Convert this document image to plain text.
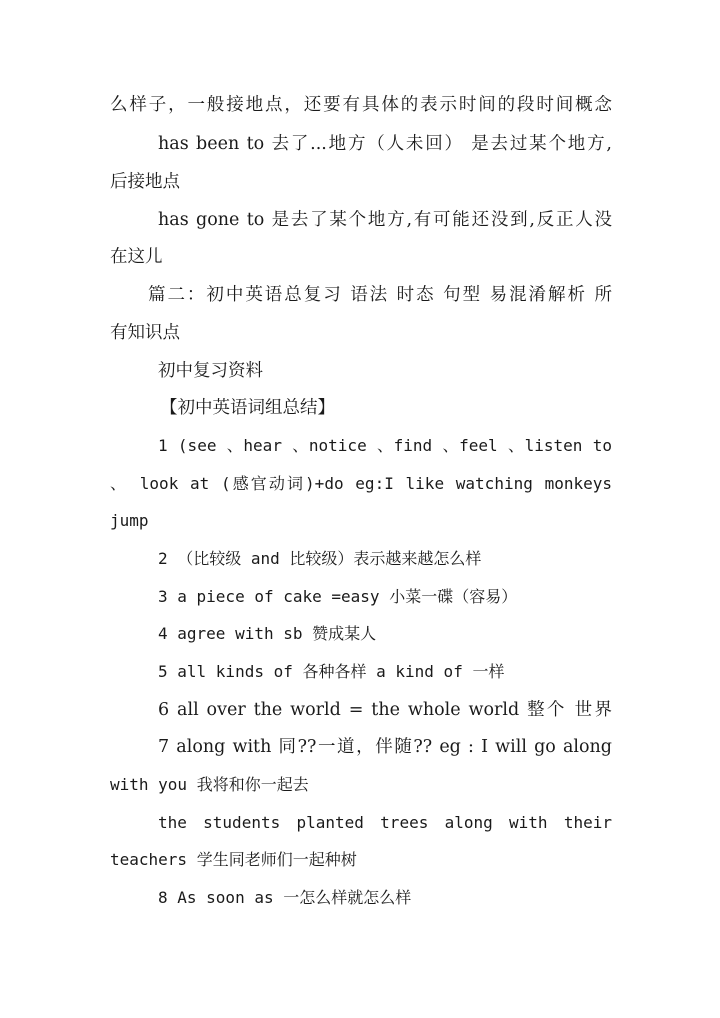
么样子，一般接地点，还要有具体的表示时间的段时间概念
has been to 去了...地方（人未回） 是去过某个地方,
后接地点
has gone to 是去了某个地方,有可能还没到,反正人没
在这儿
篇二：初中英语总复习 语法 时态 句型 易混淆解析 所
有知识点
初中复习资料
【初中英语词组总结】
1 (see 、hear 、notice 、find 、feel 、listen to
、 look at (感官动词)+do eg:I like watching monkeys
jump
2 （比较级 and 比较级）表示越来越怎么样
3 a piece of cake =easy 小菜一碟（容易）
4 agree with sb 赞成某人
5 all kinds of 各种各样 a kind of 一样
6 all over the world = the whole world 整个 世界
7 along with 同??一道，伴随?? eg : I will go along
with you 我将和你一起去
the students planted trees along with their
teachers 学生同老师们一起种树
8 As soon as 一怎么样就怎么样
